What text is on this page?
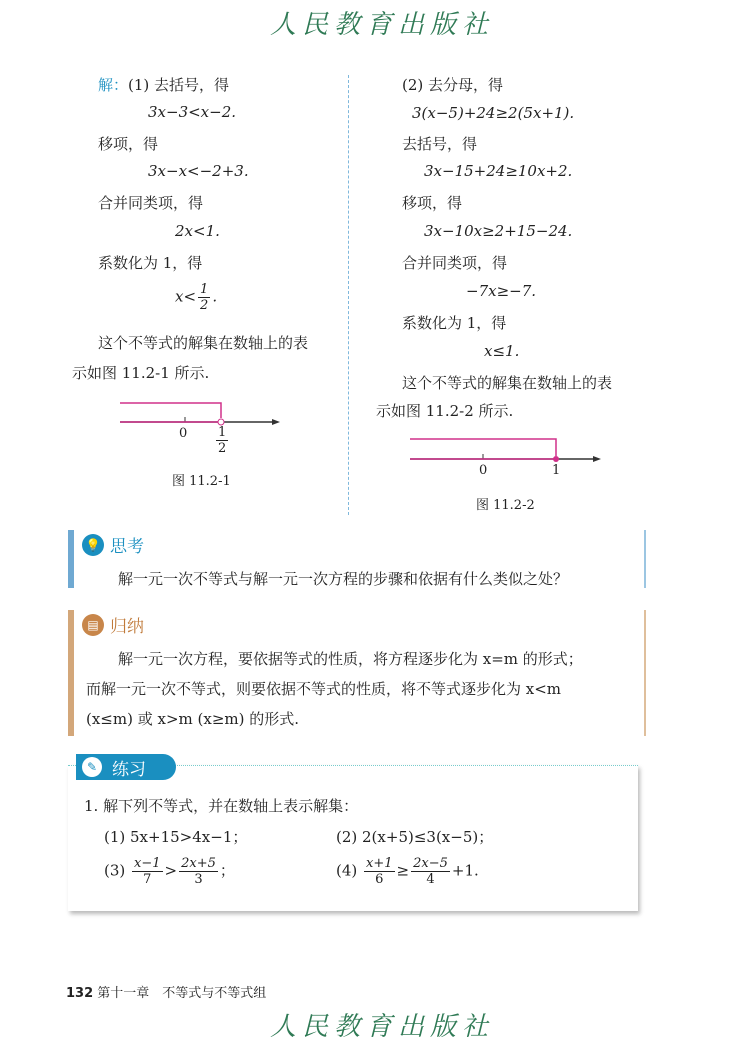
人民教育出版社
解：(1) 去括号，得
3x−3<x−2.
移项，得
3x−x<−2+3.
合并同类项，得
2x<1.
系数化为 1，得
$x< \frac{1}{2}$ .
这个不等式的解集在数轴上的表
示如图 11.2-1 所示.
$0 \frac{1}{2}$
图 11.2-1
(2) 去分母，得
3(x−5)+24≥2(5x+1).
去括号，得
3x−15+24≥10x+2.
移项，得
3x−10x≥2+15−24.
合并同类项，得
−7x≥−7.
系数化为 1，得
x≤1.
这个不等式的解集在数轴上的表
示如图 11.2-2 所示.
0	1
图 11.2-2
💡 思考
解一元一次不等式与解一元一次方程的步骤和依据有什么类似之处？
▤ 归纳
解一元一次方程，要依据等式的性质，将方程逐步化为 x=m 的形式；
而解一元一次不等式，则要依据不等式的性质，将不等式逐步化为 x<m
(x≤m) 或 x>m (x≥m) 的形式.
✎ 练习
1. 解下列不等式，并在数轴上表示解集：
(1) 5x+15>4x−1；	(2) 2(x+5)≤3(x−5)；
$(3) \frac{x-1}{7} > \frac{2x+5}{3}$ ；	$(4) \frac{x+1}{6} \ge \frac{2x-5}{4} +1$.
132 第十一章　不等式与不等式组
人民教育出版社
